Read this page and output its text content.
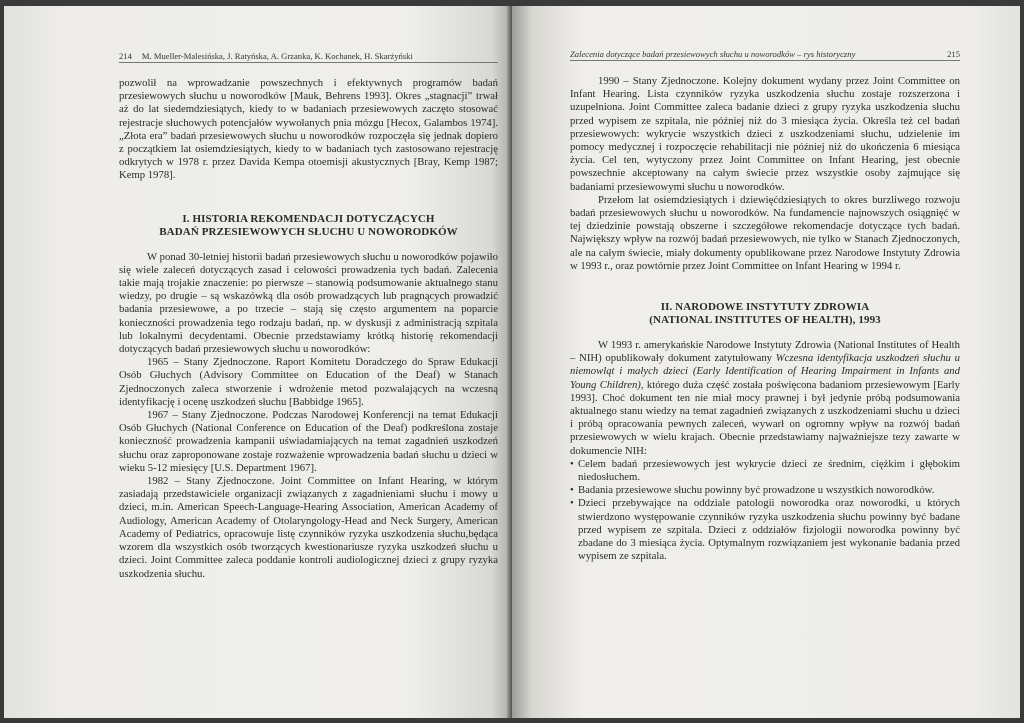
214 M. Mueller-Malesińska, J. Ratyńska, A. Grzanka, K. Kochanek, H. Skarżyński

pozwolił na wprowadzanie powszechnych i efektywnych programów badań przesiewowych słuchu u noworodków [Mauk, Behrens 1993]. Okres „stagnacji” trwał aż do lat siedemdziesiątych, kiedy to w badaniach przesiewowych zaczęto stosować rejestracje słuchowych potencjałów wywołanych pnia mózgu [Hecox, Galambos 1974]. „Złota era” badań przesiewowych słuchu u noworodków rozpoczęła się jednak dopiero z początkiem lat osiemdziesiątych, kiedy to w badaniach tych zastosowano rejestrację odkrytych w 1978 r. przez Davida Kempa otoemisji akustycznych [Bray, Kemp 1987; Kemp 1978].

I. HISTORIA REKOMENDACJI DOTYCZĄCYCH
BADAŃ PRZESIEWOWYCH SŁUCHU U NOWORODKÓW

W ponad 30-letniej historii badań przesiewowych słuchu u noworodków pojawiło się wiele zaleceń dotyczących zasad i celowości prowadzenia tych badań. Zalecenia takie mają trojakie znaczenie: po pierwsze – stanowią podsumowanie aktualnego stanu wiedzy, po drugie – są wskazówką dla osób prowadzących lub pragnących prowadzić badania przesiewowe, a po trzecie – stają się często argumentem na poparcie konieczności prowadzenia tego rodzaju badań, np. w dyskusji z administracją szpitala lub lokalnymi decydentami. Obecnie przedstawiamy krótką historię rekomendacji dotyczących badań przesiewowych słuchu u noworodków:

1965 – Stany Zjednoczone. Raport Komitetu Doradczego do Spraw Edukacji Osób Głuchych (Advisory Committee on Education of the Deaf) w Stanach Zjednoczonych zaleca stworzenie i wdrożenie metod pozwalających na wczesną identyfikację i ocenę uszkodzeń słuchu [Babbidge 1965].

1967 – Stany Zjednoczone. Podczas Narodowej Konferencji na temat Edukacji Osób Głuchych (National Conference on Education of the Deaf) podkreślona zostaje konieczność prowadzenia kampanii uświadamiających na temat zagadnień uszkodzeń słuchu oraz zaproponowane zostaje rozważenie wprowadzenia badań słuchu u dzieci w wieku 5-12 miesięcy [U.S. Department 1967].

1982 – Stany Zjednoczone. Joint Committee on Infant Hearing, w którym zasiadają przedstawiciele organizacji związanych z zagadnieniami słuchu i mowy u dzieci, m.in. American Speech-Language-Hearing Association, American Academy of Audiology, American Academy of Otolaryngology-Head and Neck Surgery, American Academy of Pediatrics, opracowuje listę czynników ryzyka uszkodzenia słuchu,będąca wzorem dla wszystkich osób tworzących kwestionariusze ryzyka uszkodzeń słuchu u dzieci. Joint Committee zaleca poddanie kontroli audiologicznej dzieci z grupy ryzyka uszkodzenia słuchu.

Zalecenia dotyczące badań przesiewowych słuchu u noworodków – rys historyczny	215

1990 – Stany Zjednoczone. Kolejny dokument wydany przez Joint Committee on Infant Hearing. Lista czynników ryzyka uszkodzenia słuchu zostaje rozszerzona i uzupełniona. Joint Committee zaleca badanie dzieci z grupy ryzyka uszkodzenia słuchu przed wypisem ze szpitala, nie później niż do 3 miesiąca życia. Określa też cel badań przesiewowych: wykrycie wszystkich dzieci z uszkodzeniami słuchu, udzielenie im pomocy medycznej i rozpoczęcie rehabilitacji nie później niż do ukończenia 6 miesiąca życia. Cel ten, wytyczony przez Joint Committee on Infant Hearing, jest obecnie powszechnie akceptowany na całym świecie przez wszystkie osoby zajmujące się badaniami przesiewowymi słuchu u noworodków.

Przełom lat osiemdziesiątych i dziewięćdziesiątych to okres burzliwego rozwoju badań przesiewowych słuchu u noworodków. Na fundamencie najnowszych osiągnięć w tej dziedzinie powstają obszerne i szczegółowe rekomendacje dotyczące tych badań. Największy wpływ na rozwój badań przesiewowych, nie tylko w Stanach Zjednoczonych, ale na całym świecie, miały dokumenty opublikowane przez Narodowe Instytuty Zdrowia w 1993 r., oraz powtórnie przez Joint Committee on Infant Hearing w 1994 r.

II. NARODOWE INSTYTUTY ZDROWIA
(NATIONAL INSTITUTES OF HEALTH), 1993

W 1993 r. amerykańskie Narodowe Instytuty Zdrowia (National Institutes of Health – NIH) opublikowały dokument zatytułowany Wczesna identyfikacja uszkodzeń słuchu u niemowląt i małych dzieci (Early Identification of Hearing Impairment in Infants and Young Children), którego duża część została poświęcona badaniom przesiewowym [Early 1993]. Choć dokument ten nie miał mocy prawnej i był jedynie próbą podsumowania aktualnego stanu wiedzy na temat zagadnień związanych z uszkodzeniami słuchu u dzieci i próbą opracowania pewnych zaleceń, wywarł on ogromny wpływ na rozwój badań przesiewowych w wielu krajach. Obecnie przedstawiamy najważniejsze tezy zawarte w dokumencie NIH:

• Celem badań przesiewowych jest wykrycie dzieci ze średnim, ciężkim i głębokim niedosłuchem.
• Badania przesiewowe słuchu powinny być prowadzone u wszystkich noworodków.
• Dzieci przebywające na oddziale patologii noworodka oraz noworodki, u których stwierdzono występowanie czynników ryzyka uszkodzenia słuchu powinny być badane przed wypisem ze szpitala. Dzieci z oddziałów fizjologii noworodka powinny być zbadane do 3 miesiąca życia. Optymalnym rozwiązaniem jest wykonanie badania przed wypisem ze szpitala.
